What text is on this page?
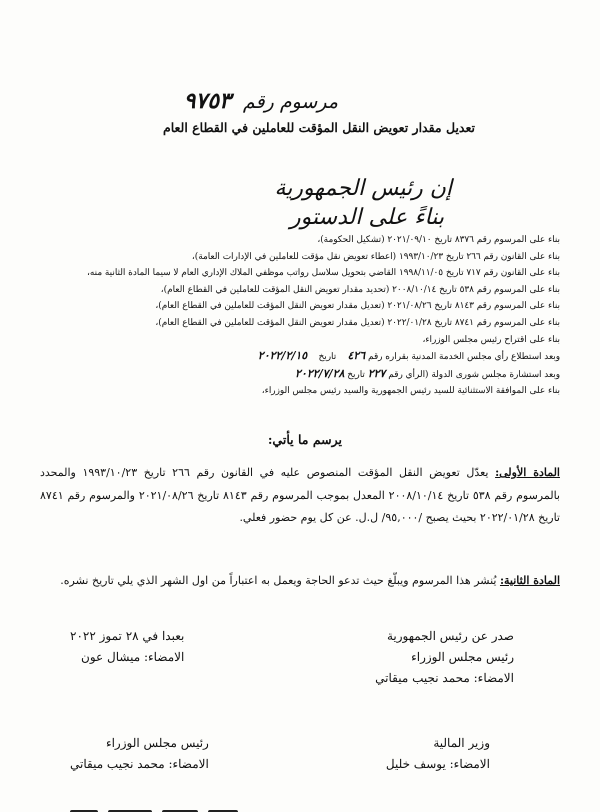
مرسوم رقم ٩٧٥٣
تعديل مقدار تعويض النقل المؤقت للعاملين في القطاع العام
إن رئيس الجمهورية
بناءً على الدستور
بناء على المرسوم رقم ٨٣٧٦ تاريخ ٢٠٢١/٠٩/١٠ (تشكيل الحكومة)،
بناء على القانون رقم ٢٦٦ تاريخ ١٩٩٣/١٠/٢٣ (اعطاء تعويض نقل مؤقت للعاملين في الإدارات العامة)،
بناء على القانون رقم ٧١٧ تاريخ ١٩٩٨/١١/٠٥ القاضي بتحويل سلاسل رواتب موظفي الملاك الإداري العام لا سيما المادة الثانية منه،
بناء على المرسوم رقم ٥٣٨ تاريخ ٢٠٠٨/١٠/١٤ (تحديد مقدار تعويض النقل المؤقت للعاملين في القطاع العام)،
بناء على المرسوم رقم ٨١٤٣ تاريخ ٢٠٢١/٠٨/٢٦ (تعديل مقدار تعويض النقل المؤقت للعاملين في القطاع العام)،
بناء على المرسوم رقم ٨٧٤١ تاريخ ٢٠٢٢/٠١/٢٨ (تعديل مقدار تعويض النقل المؤقت للعاملين في القطاع العام)،
بناء على اقتراح رئيس مجلس الوزراء،
وبعد استطلاع رأي مجلس الخدمة المدنية بقراره رقم ٤٢٦    تاريخ    ٢٠٢٢/٢/١٥
وبعد استشارة مجلس شورى الدولة (الرأي رقم ٢٢٧ تاريخ ٢٠٢٢/٧/٢٨
بناء على الموافقة الاستثنائية للسيد رئيس الجمهورية والسيد رئيس مجلس الوزراء،
يرسم ما يأتي:
المادة الأولى: يعدّل تعويض النقل المؤقت المنصوص عليه في القانون رقم ٢٦٦ تاريخ ١٩٩٣/١٠/٢٣ والمحدد بالمرسوم رقم ٥٣٨ تاريخ ٢٠٠٨/١٠/١٤ المعدل بموجب المرسوم رقم ٨١٤٣ تاريخ ٢٠٢١/٠٨/٢٦ والمرسوم رقم ٨٧٤١ تاريخ ٢٠٢٢/٠١/٢٨ بحيث يصبح /٩٥,٠٠٠/ ل.ل. عن كل يوم حضور فعلي.
المادة الثانية: يُنشر هذا المرسوم ويبلّغ حيث تدعو الحاجة ويعمل به اعتباراً من اول الشهر الذي يلي تاريخ نشره.
صدر عن رئيس الجمهورية
رئيس مجلس الوزراء
الامضاء: محمد نجيب ميقاتي
بعبدا في ٢٨ تموز ٢٠٢٢
الامضاء: ميشال عون
وزير المالية
الامضاء: يوسف خليل
رئيس مجلس الوزراء
الامضاء: محمد نجيب ميقاتي
